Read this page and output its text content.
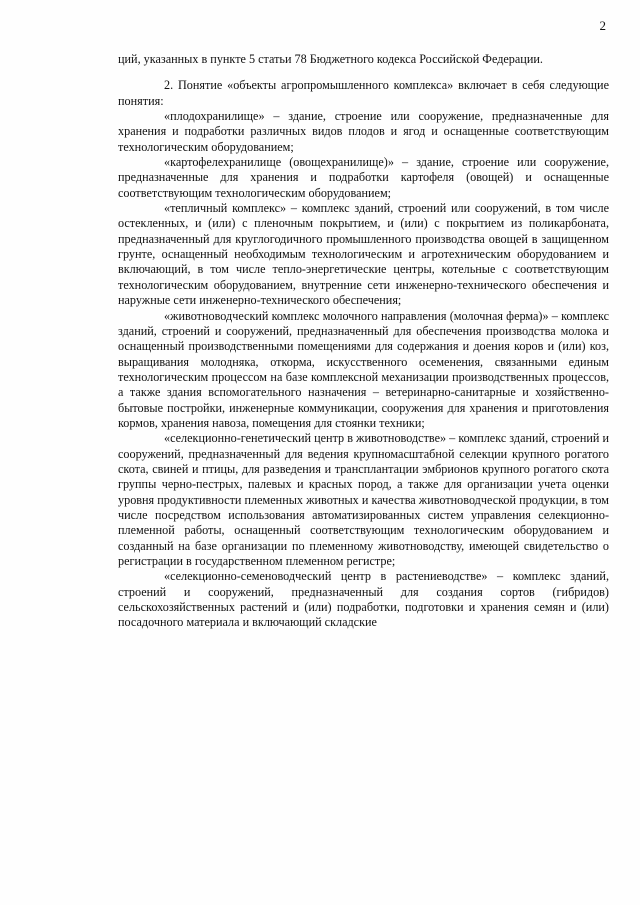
2

ций, указанных в пункте 5 статьи 78 Бюджетного кодекса Российской Федерации.

2. Понятие «объекты агропромышленного комплекса» включает в себя следующие понятия:

«плодохранилище» – здание, строение или сооружение, предназначенные для хранения и подработки различных видов плодов и ягод и оснащенные соответствующим технологическим оборудованием;

«картофелехранилище (овощехранилище)» – здание, строение или сооружение, предназначенные для хранения и подработки картофеля (овощей) и оснащенные соответствующим технологическим оборудованием;

«тепличный комплекс» – комплекс зданий, строений или сооружений, в том числе остекленных, и (или) с пленочным покрытием, и (или) с покрытием из поликарбоната, предназначенный для круглогодичного промышленного производства овощей в защищенном грунте, оснащенный необходимым технологическим и агротехническим оборудованием и включающий, в том числе тепло-энергетические центры, котельные с соответствующим технологическим оборудованием, внутренние сети инженерно-технического обеспечения и наружные сети инженерно-технического обеспечения;

«животноводческий комплекс молочного направления (молочная ферма)» – комплекс зданий, строений и сооружений, предназначенный для обеспечения производства молока и оснащенный производственными помещениями для содержания и доения коров и (или) коз, выращивания молодняка, откорма, искусственного осеменения, связанными единым технологическим процессом на базе комплексной механизации производственных процессов, а также здания вспомогательного назначения – ветеринарно-санитарные и хозяйственно-бытовые постройки, инженерные коммуникации, сооружения для хранения и приготовления кормов, хранения навоза, помещения для стоянки техники;

«селекционно-генетический центр в животноводстве» – комплекс зданий, строений и сооружений, предназначенный для ведения крупномасштабной селекции крупного рогатого скота, свиней и птицы, для разведения и трансплантации эмбрионов крупного рогатого скота группы черно-пестрых, палевых и красных пород, а также для организации учета оценки уровня продуктивности племенных животных и качества животноводческой продукции, в том числе посредством использования автоматизированных систем управления селекционно-племенной работы, оснащенный соответствующим технологическим оборудованием и созданный на базе организации по племенному животноводству, имеющей свидетельство о регистрации в государственном племенном регистре;

«селекционно-семеноводческий центр в растениеводстве» – комплекс зданий, строений и сооружений, предназначенный для создания сортов (гибридов) сельскохозяйственных растений и (или) подработки, подготовки и хранения семян и (или) посадочного материала и включающий складские
